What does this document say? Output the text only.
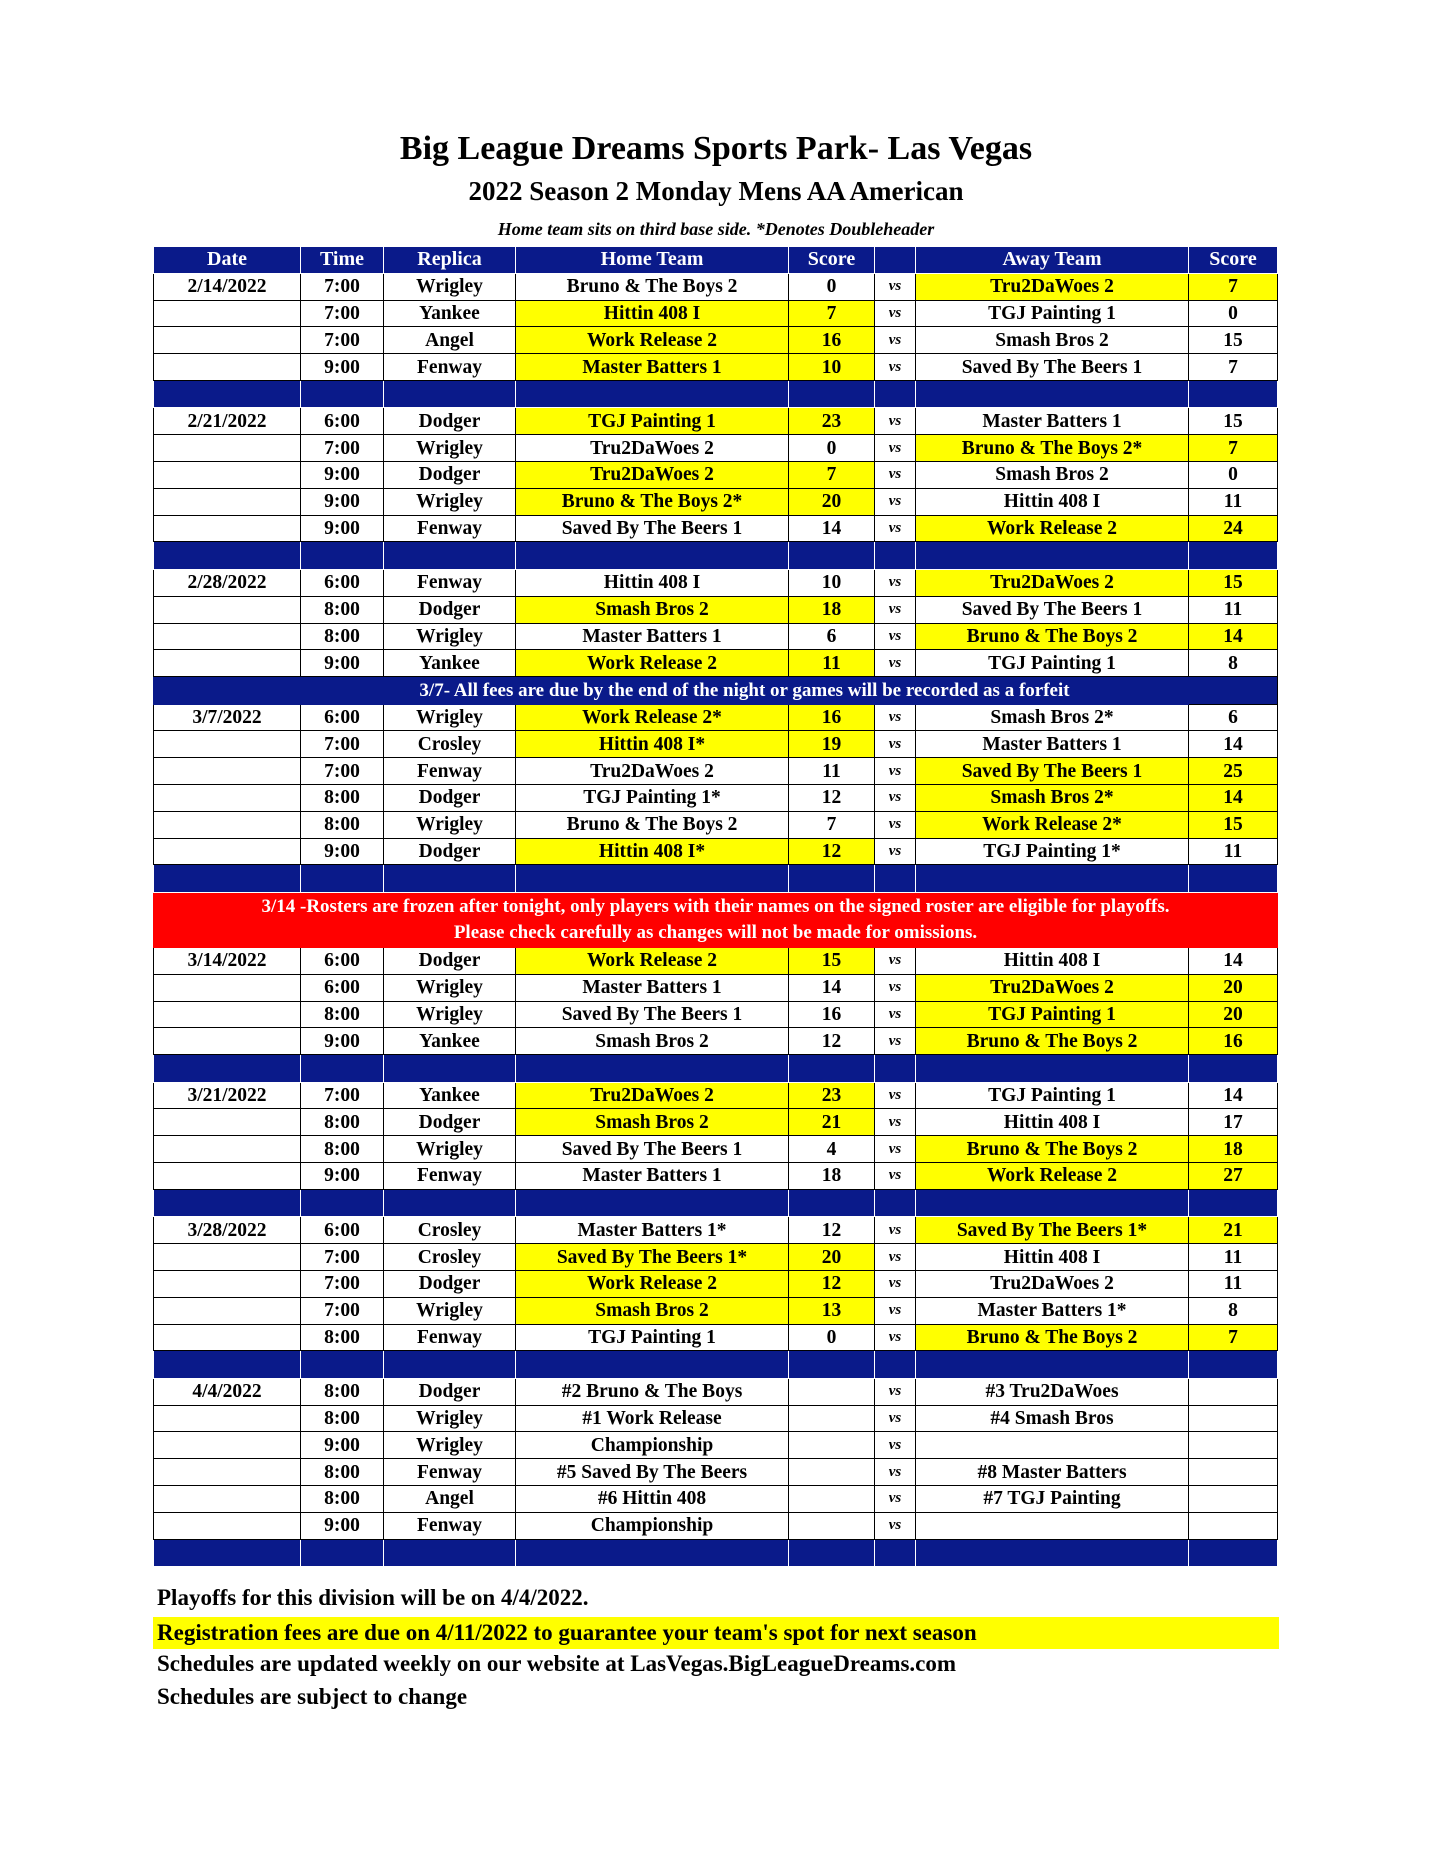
Big League Dreams Sports Park- Las Vegas
2022 Season 2 Monday Mens AA American
Home team sits on third base side. *Denotes Doubleheader
Date	Time	Replica	Home Team	Score		Away Team	Score
2/14/2022	7:00	Wrigley	Bruno & The Boys 2	0	vs	Tru2DaWoes 2	7
	7:00	Yankee	Hittin 408 I	7	vs	TGJ Painting 1	0
	7:00	Angel	Work Release 2	16	vs	Smash Bros 2	15
	9:00	Fenway	Master Batters 1	10	vs	Saved By The Beers 1	7

2/21/2022	6:00	Dodger	TGJ Painting 1	23	vs	Master Batters 1	15
	7:00	Wrigley	Tru2DaWoes 2	0	vs	Bruno & The Boys 2*	7
	9:00	Dodger	Tru2DaWoes 2	7	vs	Smash Bros 2	0
	9:00	Wrigley	Bruno & The Boys 2*	20	vs	Hittin 408 I	11
	9:00	Fenway	Saved By The Beers 1	14	vs	Work Release 2	24

2/28/2022	6:00	Fenway	Hittin 408 I	10	vs	Tru2DaWoes 2	15
	8:00	Dodger	Smash Bros 2	18	vs	Saved By The Beers 1	11
	8:00	Wrigley	Master Batters 1	6	vs	Bruno & The Boys 2	14
	9:00	Yankee	Work Release 2	11	vs	TGJ Painting 1	8
	3/7- All fees are due by the end of the night or games will be recorded as a forfeit						
3/7/2022	6:00	Wrigley	Work Release 2*	16	vs	Smash Bros 2*	6
	7:00	Crosley	Hittin 408 I*	19	vs	Master Batters 1	14
	7:00	Fenway	Tru2DaWoes 2	11	vs	Saved By The Beers 1	25
	8:00	Dodger	TGJ Painting 1*	12	vs	Smash Bros 2*	14
	8:00	Wrigley	Bruno & The Boys 2	7	vs	Work Release 2*	15
	9:00	Dodger	Hittin 408 I*	12	vs	TGJ Painting 1*	11

3/14 -Rosters are frozen after tonight, only players with their names on the signed roster are eligible for playoffs.
Please check carefully as changes will not be made for omissions.							

3/14/2022	6:00	Dodger	Work Release 2	15	vs	Hittin 408 I	14
	6:00	Wrigley	Master Batters 1	14	vs	Tru2DaWoes 2	20
	8:00	Wrigley	Saved By The Beers 1	16	vs	TGJ Painting 1	20
	9:00	Yankee	Smash Bros 2	12	vs	Bruno & The Boys 2	16

3/21/2022	7:00	Yankee	Tru2DaWoes 2	23	vs	TGJ Painting 1	14
	8:00	Dodger	Smash Bros 2	21	vs	Hittin 408 I	17
	8:00	Wrigley	Saved By The Beers 1	4	vs	Bruno & The Boys 2	18
	9:00	Fenway	Master Batters 1	18	vs	Work Release 2	27

3/28/2022	6:00	Crosley	Master Batters 1*	12	vs	Saved By The Beers 1*	21
	7:00	Crosley	Saved By The Beers 1*	20	vs	Hittin 408 I	11
	7:00	Dodger	Work Release 2	12	vs	Tru2DaWoes 2	11
	7:00	Wrigley	Smash Bros 2	13	vs	Master Batters 1*	8
	8:00	Fenway	TGJ Painting 1	0	vs	Bruno & The Boys 2	7

4/4/2022	8:00	Dodger	#2 Bruno & The Boys		vs	#3 Tru2DaWoes	
	8:00	Wrigley	#1 Work Release		vs	#4 Smash Bros	
	9:00	Wrigley	Championship		vs		
	8:00	Fenway	#5 Saved By The Beers		vs	#8 Master Batters	
	8:00	Angel	#6 Hittin 408		vs	#7 TGJ Painting	
	9:00	Fenway	Championship		vs		

Playoffs for this division will be on 4/4/2022.
Registration fees are due on 4/11/2022 to guarantee your team's spot for next season
Schedules are updated weekly on our website at LasVegas.BigLeagueDreams.com
Schedules are subject to change
